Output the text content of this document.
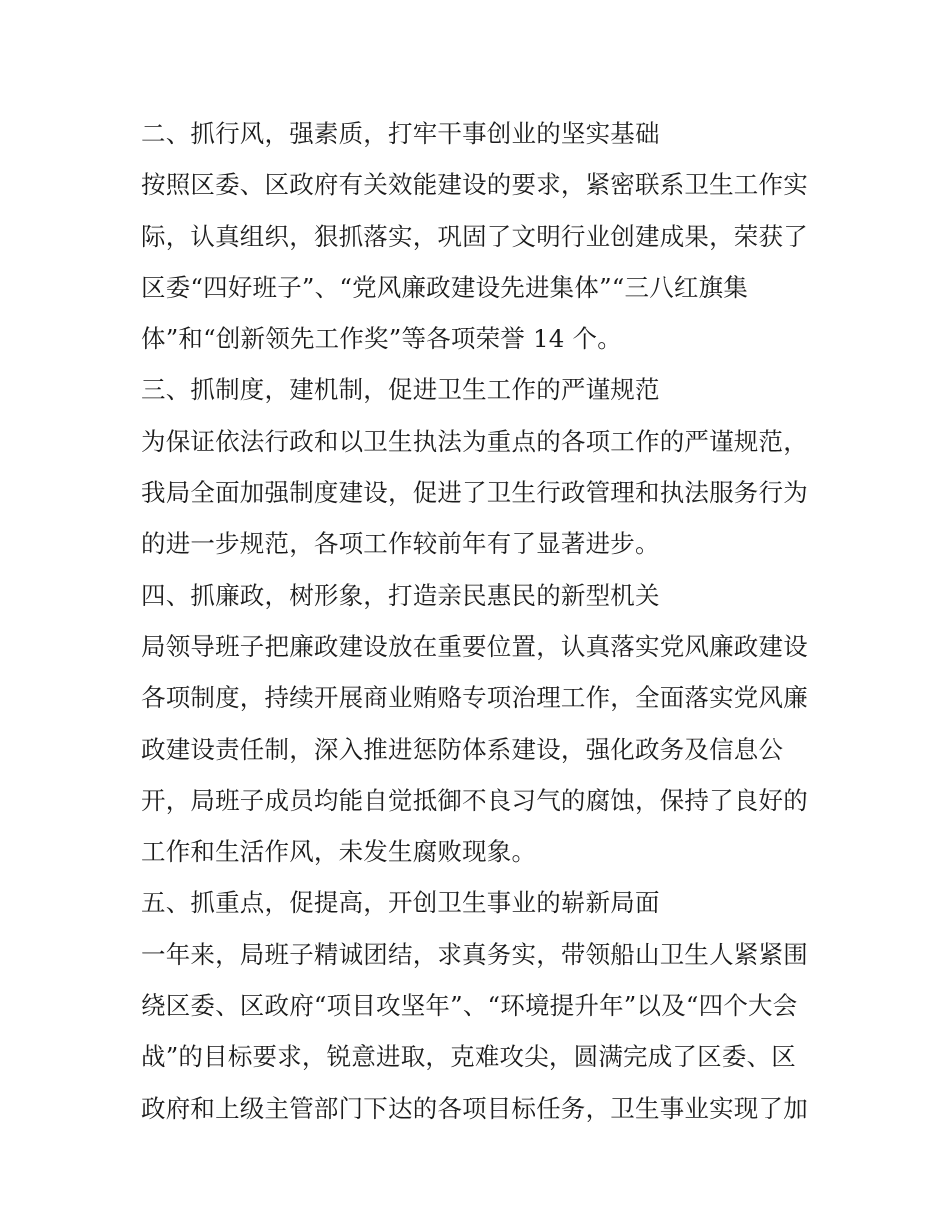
二、抓行风，强素质，打牢干事创业的坚实基础
按照区委、区政府有关效能建设的要求，紧密联系卫生工作实
际，认真组织，狠抓落实，巩固了文明行业创建成果，荣获了
区委“四好班子”、“党风廉政建设先进集体”“三八红旗集
体”和“创新领先工作奖”等各项荣誉 14 个。
三、抓制度，建机制，促进卫生工作的严谨规范
为保证依法行政和以卫生执法为重点的各项工作的严谨规范，
我局全面加强制度建设，促进了卫生行政管理和执法服务行为
的进一步规范，各项工作较前年有了显著进步。
四、抓廉政，树形象，打造亲民惠民的新型机关
局领导班子把廉政建设放在重要位置，认真落实党风廉政建设
各项制度，持续开展商业贿赂专项治理工作，全面落实党风廉
政建设责任制，深入推进惩防体系建设，强化政务及信息公
开，局班子成员均能自觉抵御不良习气的腐蚀，保持了良好的
工作和生活作风，未发生腐败现象。
五、抓重点，促提高，开创卫生事业的崭新局面
一年来，局班子精诚团结，求真务实，带领船山卫生人紧紧围
绕区委、区政府“项目攻坚年”、“环境提升年”以及“四个大会
战”的目标要求，锐意进取，克难攻尖，圆满完成了区委、区
政府和上级主管部门下达的各项目标任务，卫生事业实现了加
